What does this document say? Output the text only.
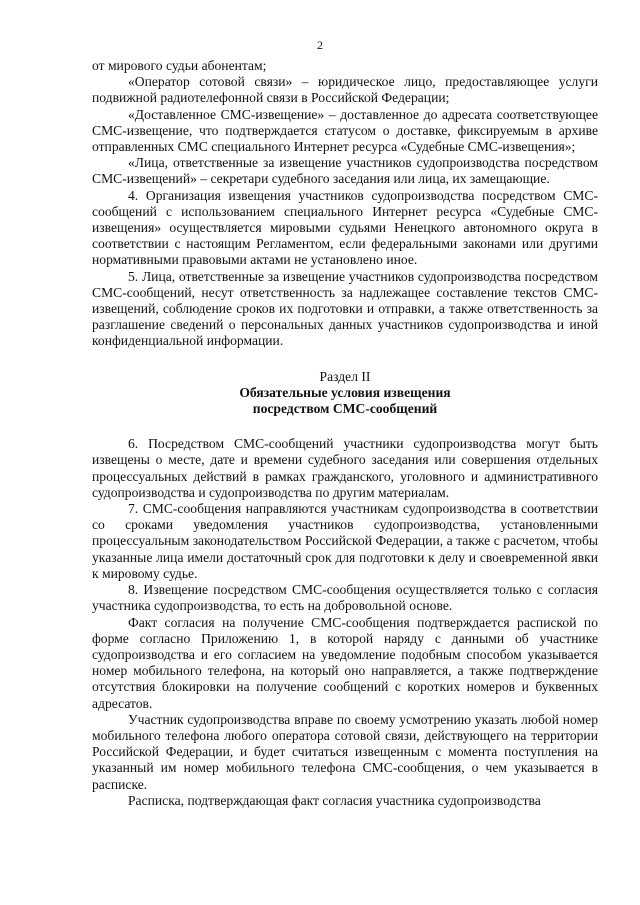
2

от мирового судьи абонентам;

«Оператор сотовой связи» – юридическое лицо, предоставляющее услуги подвижной радиотелефонной связи в Российской Федерации;

«Доставленное СМС-извещение» – доставленное до адресата соответствующее СМС-извещение, что подтверждается статусом о доставке, фиксируемым в архиве отправленных СМС специального Интернет ресурса «Судебные СМС-извещения»;

«Лица, ответственные за извещение участников судопроизводства посредством СМС-извещений» – секретари судебного заседания или лица, их замещающие.

4. Организация извещения участников судопроизводства посредством СМС-сообщений с использованием специального Интернет ресурса «Судебные СМС-извещения» осуществляется мировыми судьями Ненецкого автономного округа в соответствии с настоящим Регламентом, если федеральными законами или другими нормативными правовыми актами не установлено иное.

5. Лица, ответственные за извещение участников судопроизводства посредством СМС-сообщений, несут ответственность за надлежащее составление текстов СМС-извещений, соблюдение сроков их подготовки и отправки, а также ответственность за разглашение сведений о персональных данных участников судопроизводства и иной конфиденциальной информации.

Раздел II

Обязательные условия извещения

посредством СМС-сообщений

6. Посредством СМС-сообщений участники судопроизводства могут быть извещены о месте, дате и времени судебного заседания или совершения отдельных процессуальных действий в рамках гражданского, уголовного и административного судопроизводства и судопроизводства по другим материалам.

7. СМС-сообщения направляются участникам судопроизводства в соответствии со сроками уведомления участников судопроизводства, установленными процессуальным законодательством Российской Федерации, а также с расчетом, чтобы указанные лица имели достаточный срок для подготовки к делу и своевременной явки к мировому судье.

8. Извещение посредством СМС-сообщения осуществляется только с согласия участника судопроизводства, то есть на добровольной основе.

Факт согласия на получение СМС-сообщения подтверждается распиской по форме согласно Приложению 1, в которой наряду с данными об участнике судопроизводства и его согласием на уведомление подобным способом указывается номер мобильного телефона, на который оно направляется, а также подтверждение отсутствия блокировки на получение сообщений с коротких номеров и буквенных адресатов.

Участник судопроизводства вправе по своему усмотрению указать любой номер мобильного телефона любого оператора сотовой связи, действующего на территории Российской Федерации, и будет считаться извещенным с момента поступления на указанный им номер мобильного телефона СМС-сообщения, о чем указывается в расписке.

Расписка, подтверждающая факт согласия участника судопроизводства
